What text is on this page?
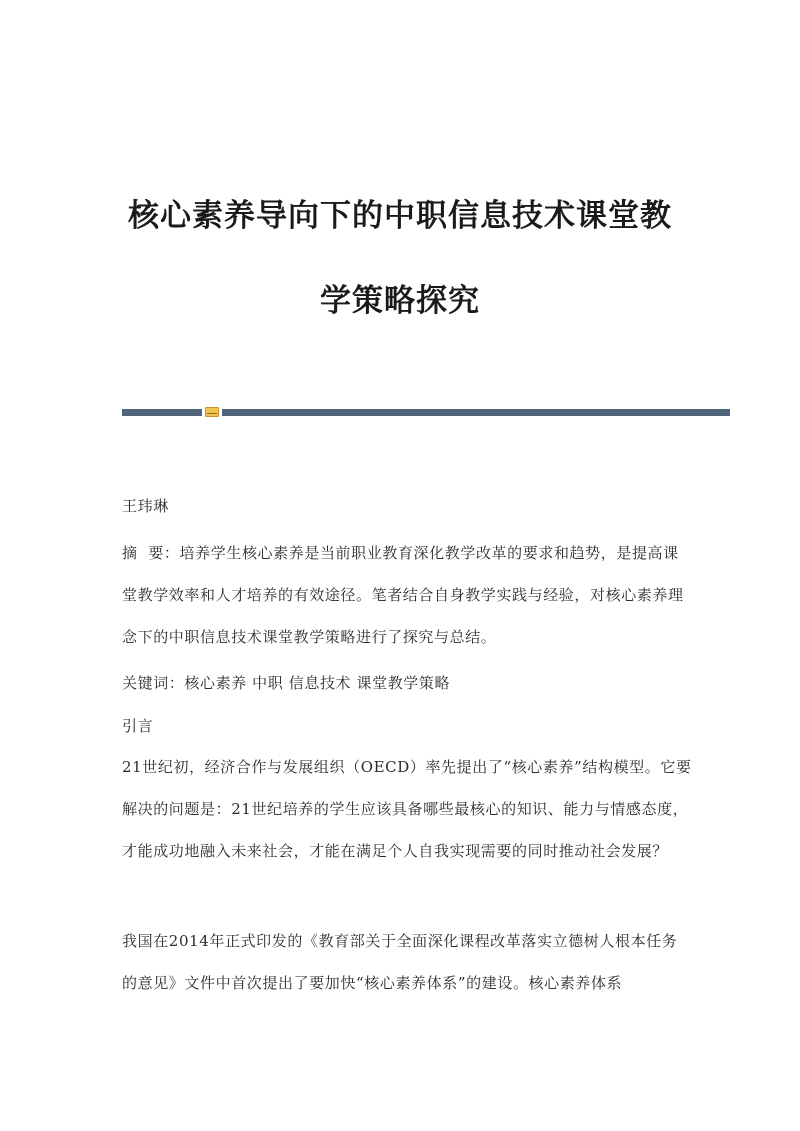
核心素养导向下的中职信息技术课堂教
学策略探究

王玮琳

摘  要：培养学生核心素养是当前职业教育深化教学改革的要求和趋势，是提高课堂教学效率和人才培养的有效途径。笔者结合自身教学实践与经验，对核心素养理念下的中职信息技术课堂教学策略进行了探究与总结。

关键词：核心素养 中职 信息技术 课堂教学策略

引言

21世纪初，经济合作与发展组织（OECD）率先提出了“核心素养”结构模型。它要解决的问题是：21世纪培养的学生应该具备哪些最核心的知识、能力与情感态度，才能成功地融入未来社会，才能在满足个人自我实现需要的同时推动社会发展？

我国在2014年正式印发的《教育部关于全面深化课程改革落实立德树人根本任务的意见》文件中首次提出了要加快“核心素养体系”的建设。核心素养体系
